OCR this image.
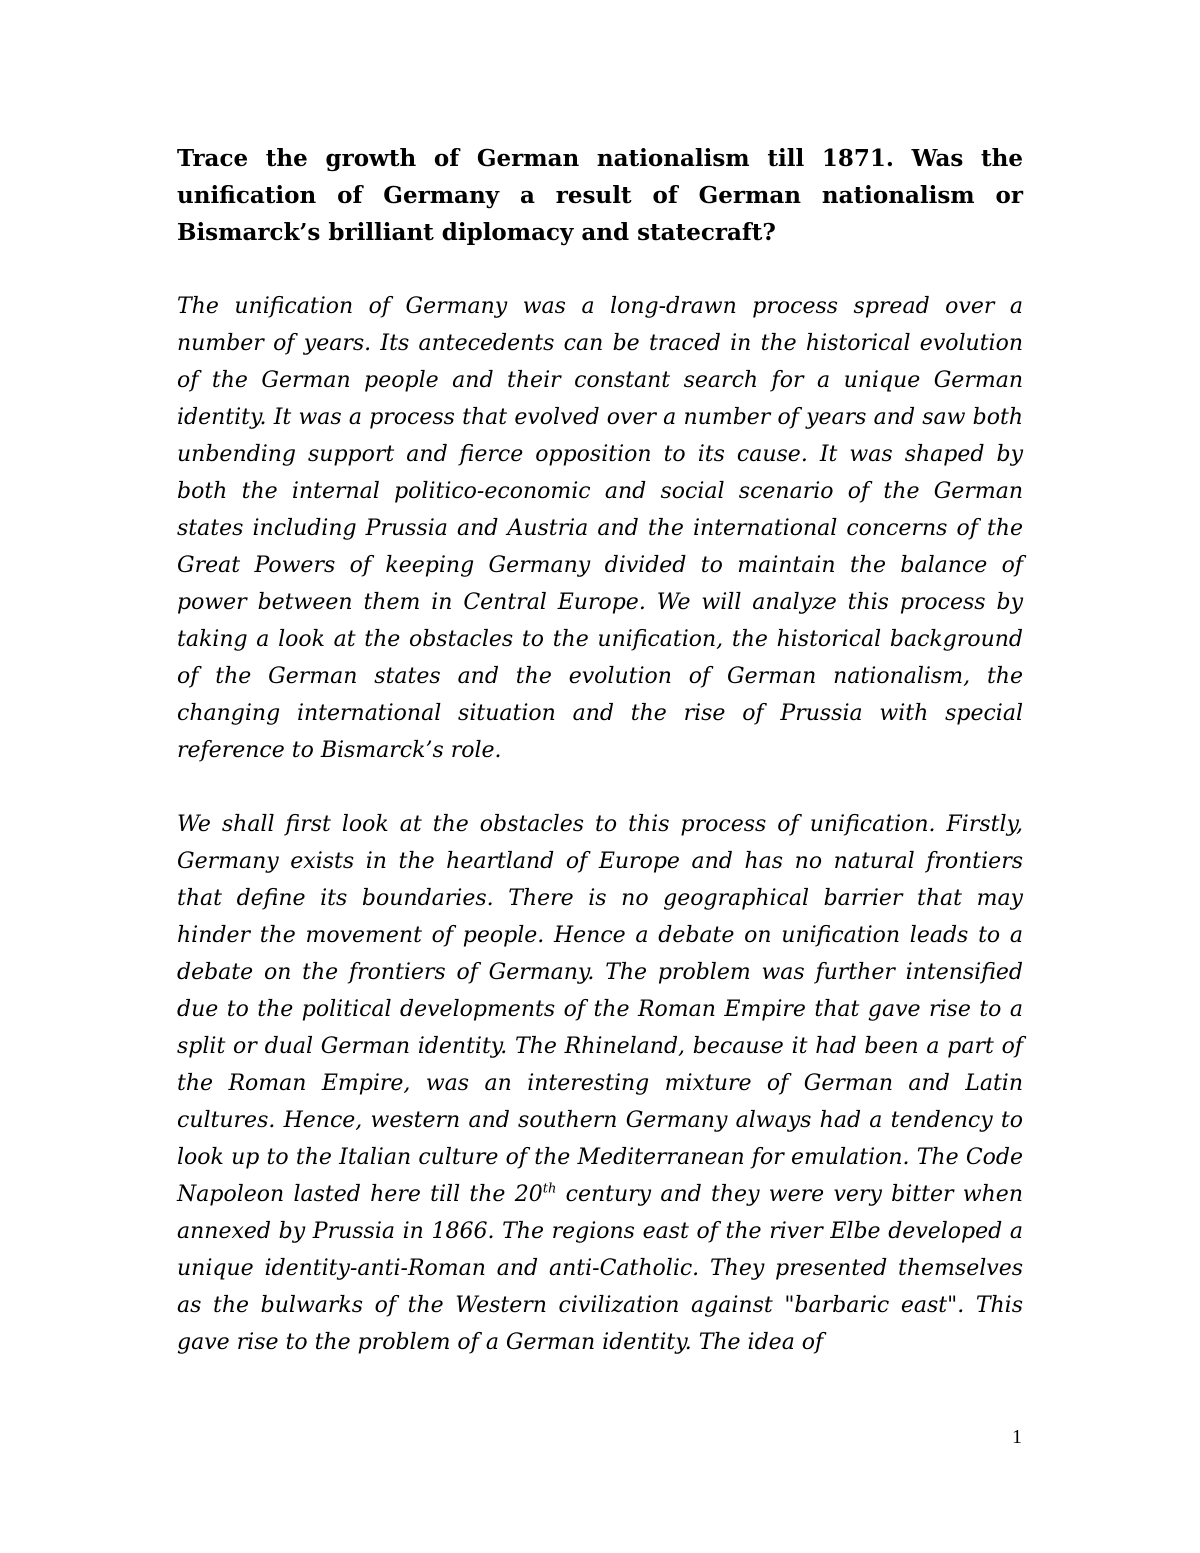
Trace the growth of German nationalism till 1871. Was the unification of Germany a result of German nationalism or Bismarck’s brilliant diplomacy and statecraft?

The unification of Germany was a long-drawn process spread over a number of years. Its antecedents can be traced in the historical evolution of the German people and their constant search for a unique German identity. It was a process that evolved over a number of years and saw both unbending support and fierce opposition to its cause. It was shaped by both the internal politico-economic and social scenario of the German states including Prussia and Austria and the international concerns of the Great Powers of keeping Germany divided to maintain the balance of power between them in Central Europe. We will analyze this process by taking a look at the obstacles to the unification, the historical background of the German states and the evolution of German nationalism, the changing international situation and the rise of Prussia with special reference to Bismarck’s role.

We shall first look at the obstacles to this process of unification. Firstly, Germany exists in the heartland of Europe and has no natural frontiers that define its boundaries. There is no geographical barrier that may hinder the movement of people. Hence a debate on unification leads to a debate on the frontiers of Germany. The problem was further intensified due to the political developments of the Roman Empire that gave rise to a split or dual German identity. The Rhineland, because it had been a part of the Roman Empire, was an interesting mixture of German and Latin cultures. Hence, western and southern Germany always had a tendency to look up to the Italian culture of the Mediterranean for emulation. The Code Napoleon lasted here till the 20th century and they were very bitter when annexed by Prussia in 1866. The regions east of the river Elbe developed a unique identity-anti-Roman and anti-Catholic. They presented themselves as the bulwarks of the Western civilization against "barbaric east". This gave rise to the problem of a German identity. The idea of

1
